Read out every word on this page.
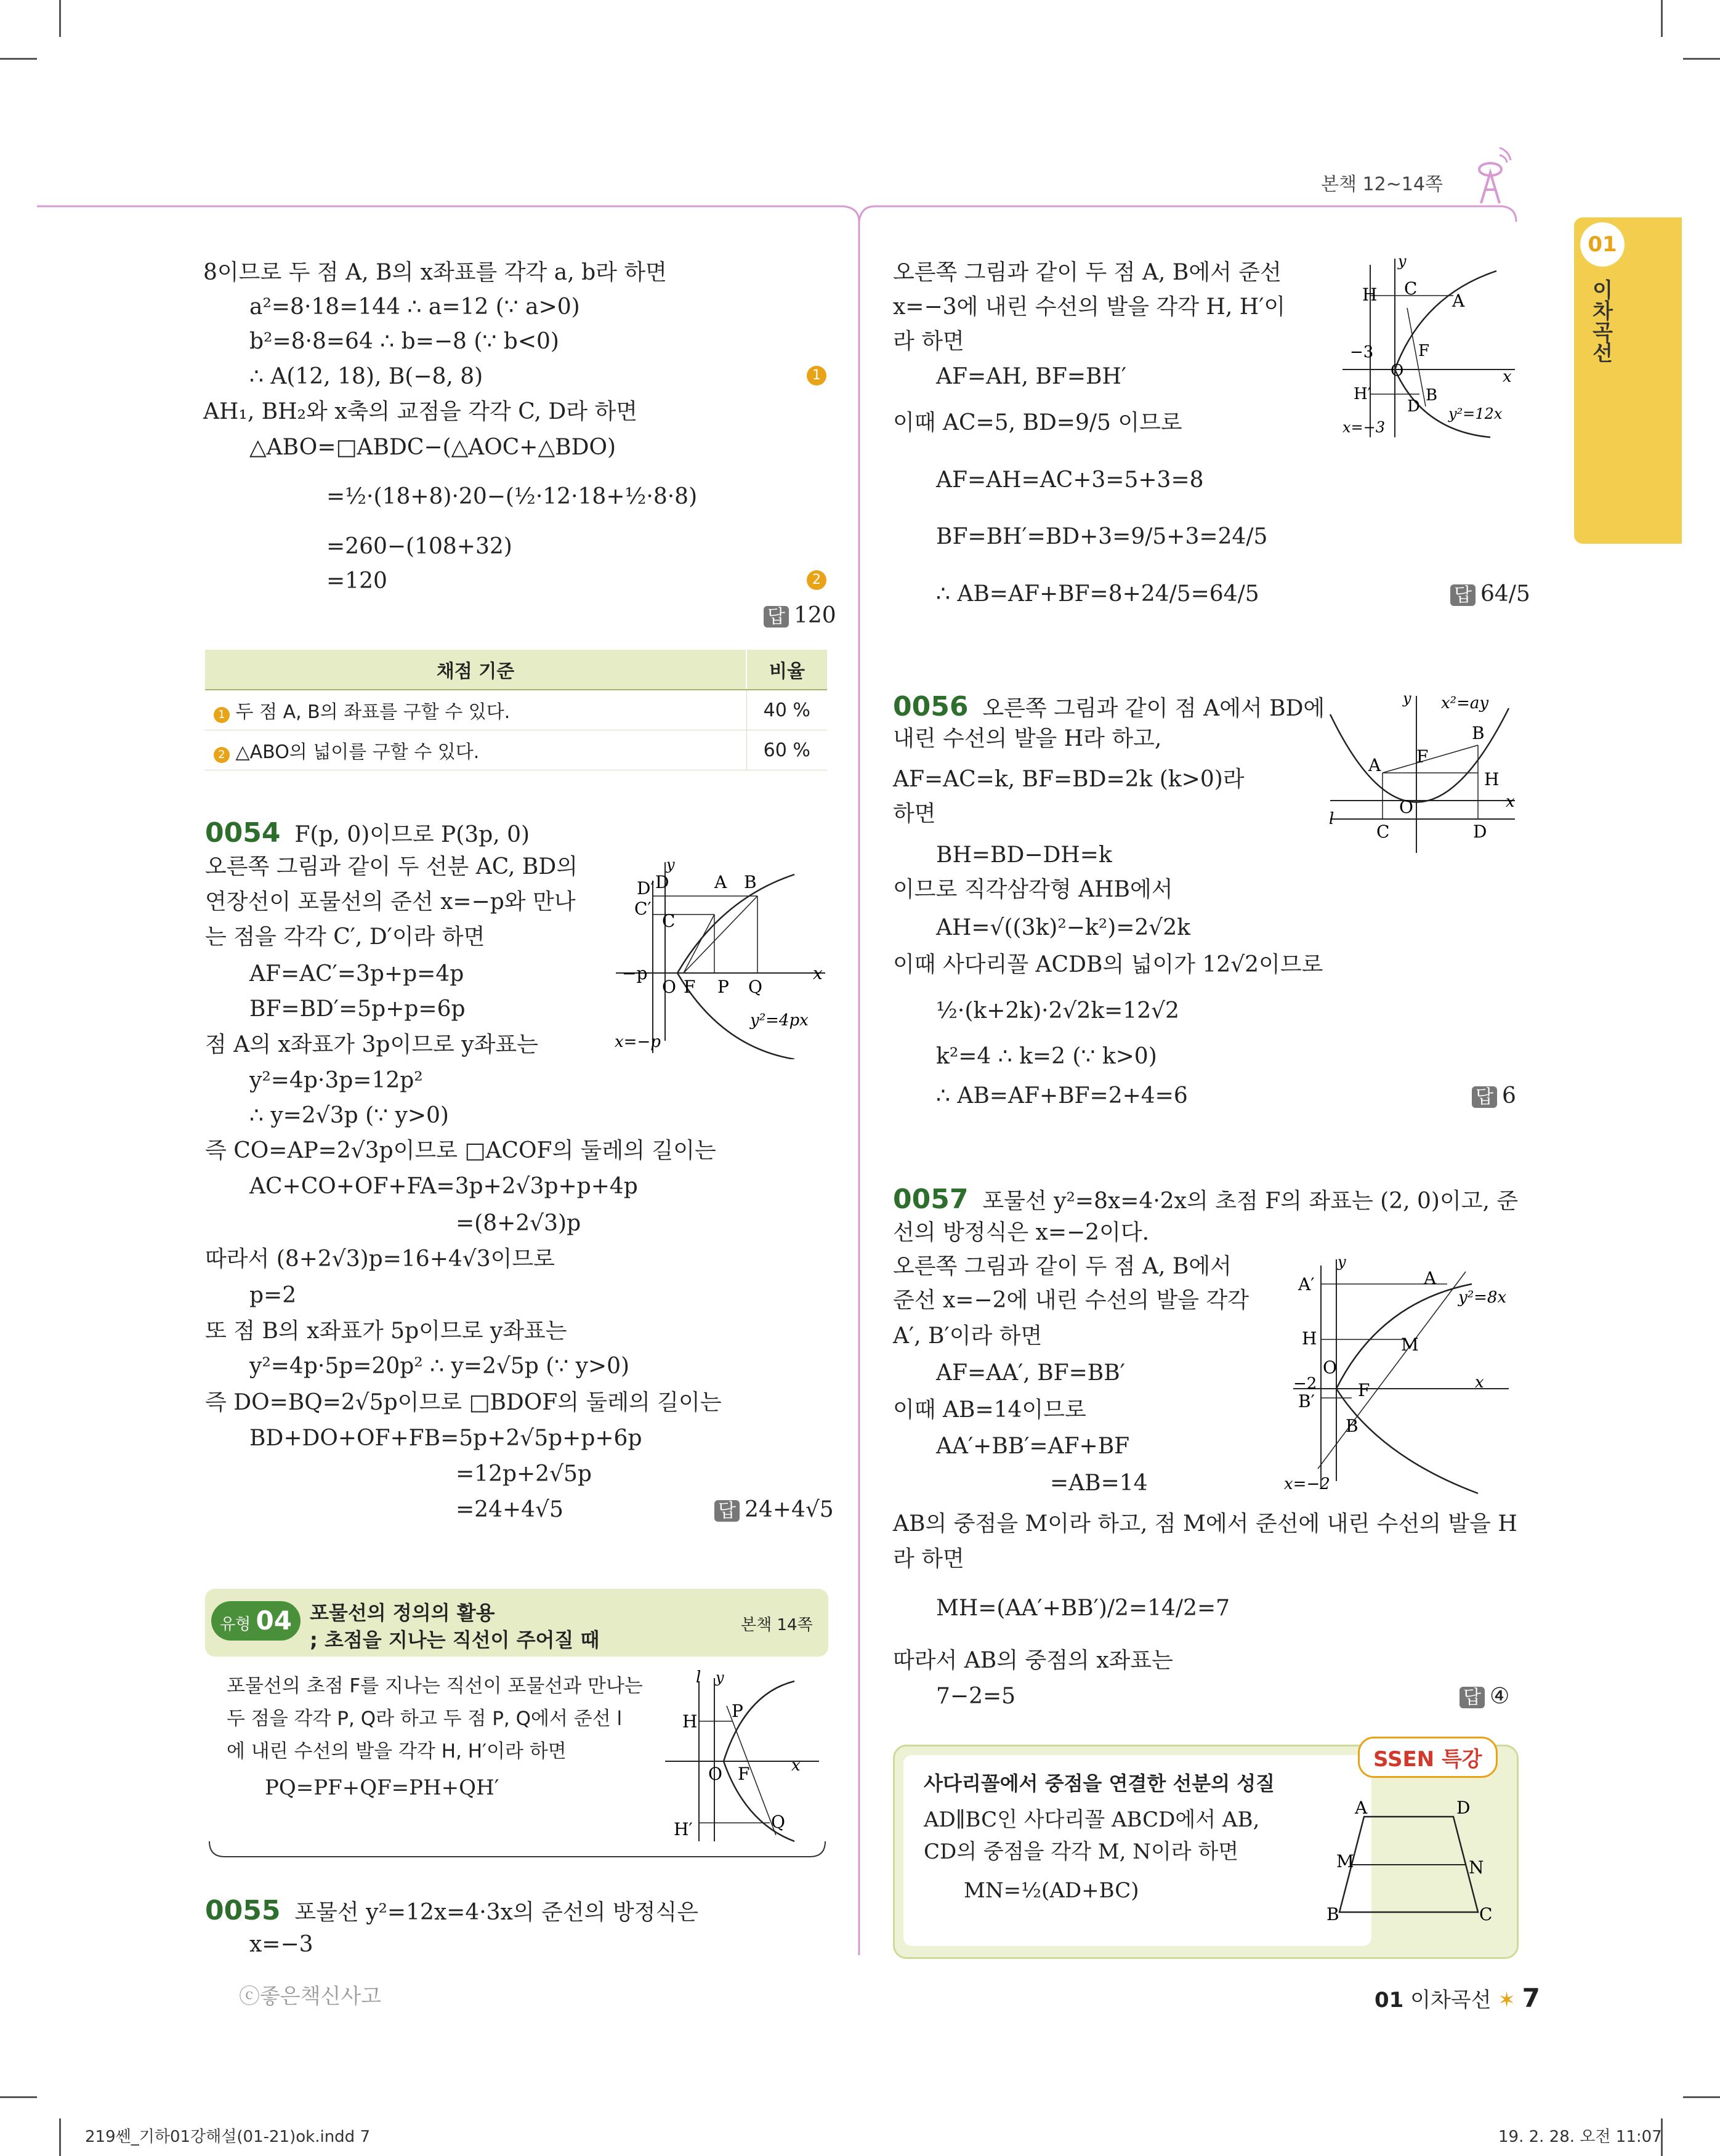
본책 12~14쪽
01
이차곡선
8이므로 두 점 A, B의 x좌표를 각각 a, b라 하면
a²=8·18=144 ∴ a=12 (∵ a>0)
b²=8·8=64 ∴ b=−8 (∵ b<0)
∴ A(12, 18), B(−8, 8)	1
AH₁, BH₂와 x축의 교점을 각각 C, D라 하면
△ABO=□ABDC−(△AOC+△BDO)
=½·(18+8)·20−(½·12·18+½·8·8)
=260−(108+32)
=120	2
답 120
채점 기준	비율
1 두 점 A, B의 좌표를 구할 수 있다.	40 %
2 △ABO의 넓이를 구할 수 있다.	60 %
0054 F(p, 0)이므로 P(3p, 0)
오른쪽 그림과 같이 두 선분 AC, BD의
연장선이 포물선의 준선 x=−p와 만나
는 점을 각각 C′, D′이라 하면
AF=AC′=3p+p=4p
BF=BD′=5p+p=6p
점 A의 x좌표가 3p이므로 y좌표는
y²=4p·3p=12p²
∴ y=2√3p (∵ y>0)
즉 CO=AP=2√3p이므로 □ACOF의 둘레의 길이는
AC+CO+OF+FA=3p+2√3p+p+4p
=(8+2√3)p
따라서 (8+2√3)p=16+4√3이므로
p=2
또 점 B의 x좌표가 5p이므로 y좌표는
y²=4p·5p=20p² ∴ y=2√5p (∵ y>0)
즉 DO=BQ=2√5p이므로 □BDOF의 둘레의 길이는
BD+DO+OF+FB=5p+2√5p+p+6p
=12p+2√5p
=24+4√5	답 24+4√5
D′ D	A B
C′
C
−p
O F P Q
x
y
x=−p
y²=4px
유형 04 포물선의 정의의 활용
; 초점을 지나는 직선이 주어질 때
본책 14쪽
포물선의 초점 F를 지나는 직선이 포물선과 만나는
두 점을 각각 P, Q라 하고 두 점 P, Q에서 준선 l
에 내린 수선의 발을 각각 H, H′이라 하면
PQ=PF+QF=PH+QH′
l y
H
P
O F	x
H′	Q
0055 포물선 y²=12x=4·3x의 준선의 방정식은
x=−3
오른쪽 그림과 같이 두 점 A, B에서 준선
x=−3에 내린 수선의 발을 각각 H, H′이
라 하면
AF=AH, BF=BH′
이때 AC=5, BD=9/5 이므로
AF=AH=AC+3=5+3=8
BF=BH′=BD+3=9/5+3=24/5
∴ AB=AF+BF=8+24/5=64/5	답 64/5
y
H C
A
−3	F
O	x
H′
D
B
x=−3
y²=12x
0056 오른쪽 그림과 같이 점 A에서 BD에
내린 수선의 발을 H라 하고,
AF=AC=k, BF=BD=2k (k>0)라
하면
BH=BD−DH=k
이므로 직각삼각형 AHB에서
AH=√((3k)²−k²)=2√2k
이때 사다리꼴 ACDB의 넓이가 12√2이므로
½·(k+2k)·2√2k=12√2
k²=4 ∴ k=2 (∵ k>0)
∴ AB=AF+BF=2+4=6	답 6
y x²=ay
B
A F
H
O	x
l
C	D
0057 포물선 y²=8x=4·2x의 초점 F의 좌표는 (2, 0)이고, 준
선의 방정식은 x=−2이다.
오른쪽 그림과 같이 두 점 A, B에서
준선 x=−2에 내린 수선의 발을 각각
A′, B′이라 하면
AF=AA′, BF=BB′
이때 AB=14이므로
AA′+BB′=AF+BF
=AB=14
AB의 중점을 M이라 하고, 점 M에서 준선에 내린 수선의 발을 H
라 하면
MH=(AA′+BB′)/2=14/2=7
따라서 AB의 중점의 x좌표는
7−2=5	답 ④
y
A′	A
y²=8x
H	M
O
−2 F	x
B′
B
x=−2
SSEN 특강
사다리꼴에서 중점을 연결한 선분의 성질
AD∥BC인 사다리꼴 ABCD에서 AB,
CD의 중점을 각각 M, N이라 하면
MN=½(AD+BC)
A	D
M	N
B	C
ⓒ좋은책신사고	01 이차곡선 ✶ 7
219쎈_기하01강해설(01-21)ok.indd 7	19. 2. 28. 오전 11:07
